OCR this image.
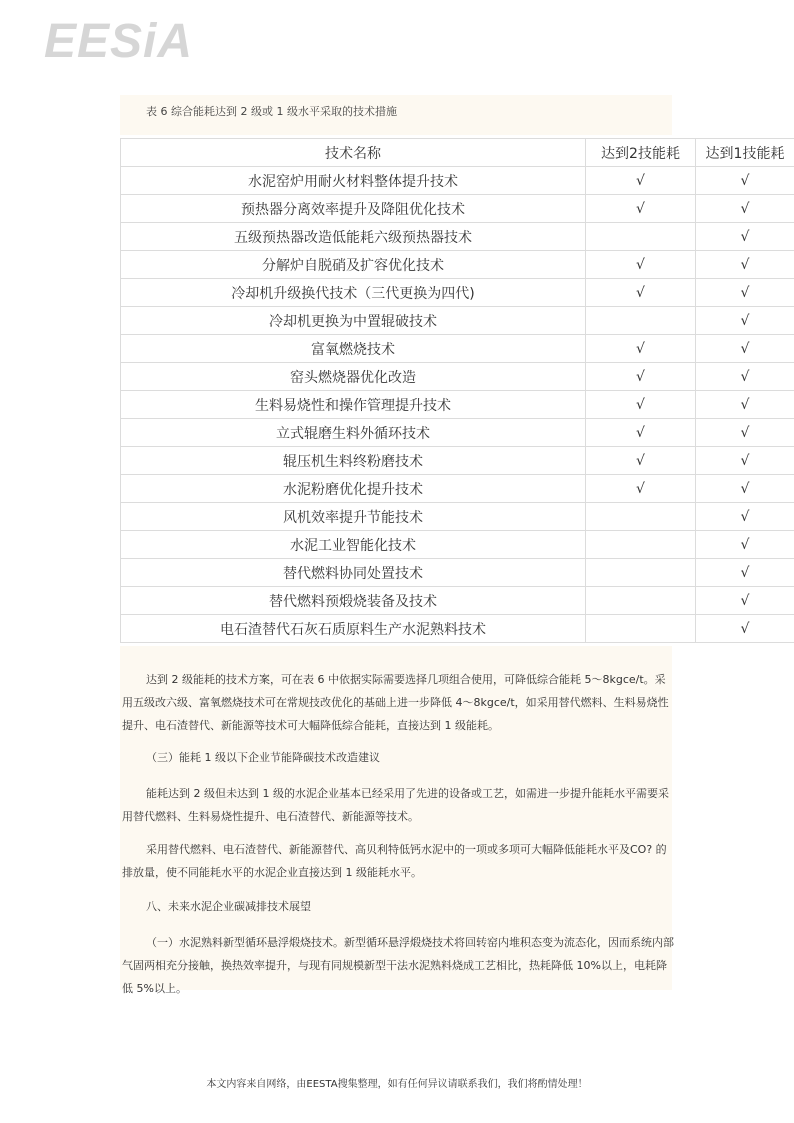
EESiA
表 6 综合能耗达到 2 级或 1 级水平采取的技术措施
技术名称	达到2技能耗	达到1技能耗
水泥窑炉用耐火材料整体提升技术	√	√
预热器分离效率提升及降阻优化技术	√	√
五级预热器改造低能耗六级预热器技术		√
分解炉自脱硝及扩容优化技术	√	√
冷却机升级换代技术（三代更换为四代)	√	√
冷却机更换为中置辊破技术		√
富氧燃烧技术	√	√
窑头燃烧器优化改造	√	√
生料易烧性和操作管理提升技术	√	√
立式辊磨生料外循环技术	√	√
辊压机生料终粉磨技术	√	√
水泥粉磨优化提升技术	√	√
风机效率提升节能技术		√
水泥工业智能化技术		√
替代燃料协同处置技术		√
替代燃料预煅烧装备及技术		√
电石渣替代石灰石质原料生产水泥熟料技术		√

达到 2 级能耗的技术方案，可在表 6 中依据实际需要选择几项组合使用，可降低综合能耗 5～8kgce/t。采用五级改六级、富氧燃烧技术可在常规技改优化的基础上进一步降低 4～8kgce/t，如采用替代燃料、生料易烧性提升、电石渣替代、新能源等技术可大幅降低综合能耗，直接达到 1 级能耗。

（三）能耗 1 级以下企业节能降碳技术改造建议

能耗达到 2 级但未达到 1 级的水泥企业基本已经采用了先进的设备或工艺，如需进一步提升能耗水平需要采用替代燃料、生料易烧性提升、电石渣替代、新能源等技术。

采用替代燃料、电石渣替代、新能源替代、高贝利特低钙水泥中的一项或多项可大幅降低能耗水平及CO? 的排放量，使不同能耗水平的水泥企业直接达到 1 级能耗水平。

八、未来水泥企业碳减排技术展望

（一）水泥熟料新型循环悬浮煅烧技术。新型循环悬浮煅烧技术将回转窑内堆积态变为流态化，因而系统内部气固两相充分接触，换热效率提升，与现有同规模新型干法水泥熟料烧成工艺相比，热耗降低 10%以上，电耗降低 5%以上。

本文内容来自网络，由EESTA搜集整理，如有任何异议请联系我们，我们将酌情处理！
